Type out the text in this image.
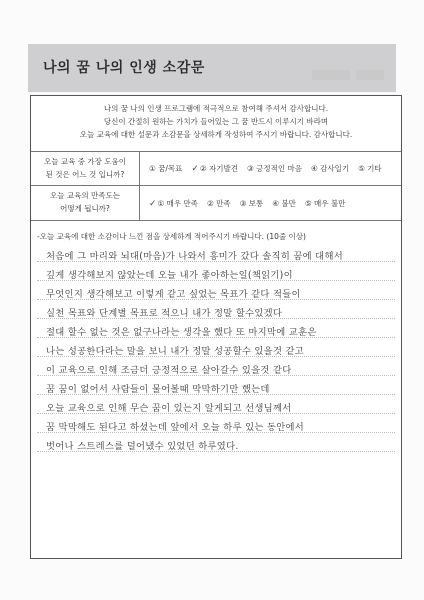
나의 꿈 나의 인생 소감문
나의 꿈 나의 인생 프로그램에 적극적으로 참여해 주셔서 감사합니다.
당신이 간절히 원하는 가치가 들어있는 그 꿈 반드시 이루시기 바라며
오늘 교육에 대한 설문과 소감문을 상세하게 작성하여 주시기 바랍니다. 감사합니다.
오늘 교육 중 가장 도움이
된 것은 어느 것 입니까?
① 꿈/목표 ✓② 자기발견 ③ 긍정적인 마음 ④ 감사일기 ⑤ 기타
오늘 교육의 만족도는
어떻게 됩니까?	✓① 매우 만족 ② 만족 ③ 보통 ④ 불만 ⑤ 매우 불만
-오늘 교육에 대한 소감이나 느낀 점을 상세하게 적어주시기 바랍니다. (10줄 이상)
처음에 그 마리와 뇌대(마음)가 나와서 흥미가 갔다 솔직히 꿈에 대해서
깊게 생각해보지 않았는데 오늘 내가 좋아하는일(책읽기)이
무엇인지 생각해보고 이렇게 같고 싶었는 목표가 같다 적들이
실천 목표와 단계별 목표로 적으니 내가 정말 할수있겠다
절대 할수 없는 것은 없구나라는 생각을 했다 또 마지막에 교훈은
나는 성공한다라는 말을 보니 내가 정말 성공할수 있을것 같고
이 교육으로 인해 조금더 긍정적으로 살아갈수 있을것 같다
꿈 꿈이 없어서 사람들이 물어볼때 막막하기만 했는데
오늘 교육으로 인해 무슨 꿈이 있는지 알게되고 선생님께서
꿈 막막해도 된다고 하셨는데 앞에서 오늘 하루 있는 동안에서
벗어나 스트레스를 덜어냈수 있었던 하루였다.
